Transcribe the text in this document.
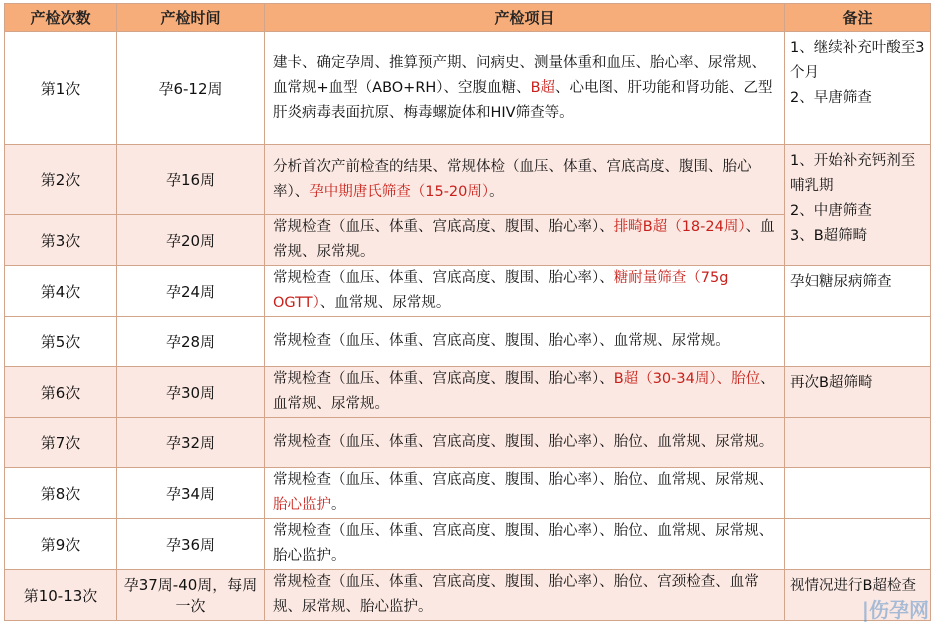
产检次数	产检时间	产检项目	备注
第1次	孕6-12周	建卡、确定孕周、推算预产期、问病史、测量体重和血压、胎心率、尿常规、血常规+血型（ABO+RH）、空腹血糖、B超、心电图、肝功能和肾功能、乙型肝炎病毒表面抗原、梅毒螺旋体和HIV筛查等。	1、继续补充叶酸至3个月
2、早唐筛查
第2次	孕16周	分析首次产前检查的结果、常规体检（血压、体重、宫底高度、腹围、胎心率）、孕中期唐氏筛查（15-20周）。	1、开始补充钙剂至哺乳期
2、中唐筛查
3、B超筛畸
第3次	孕20周	常规检查（血压、体重、宫底高度、腹围、胎心率）、排畸B超（18-24周）、血常规、尿常规。	
第4次	孕24周	常规检查（血压、体重、宫底高度、腹围、胎心率）、糖耐量筛查（75g OGTT）、血常规、尿常规。	孕妇糖尿病筛查
第5次	孕28周	常规检查（血压、体重、宫底高度、腹围、胎心率）、血常规、尿常规。	
第6次	孕30周	常规检查（血压、体重、宫底高度、腹围、胎心率）、B超（30-34周）、胎位、血常规、尿常规。	再次B超筛畸
第7次	孕32周	常规检查（血压、体重、宫底高度、腹围、胎心率）、胎位、血常规、尿常规。	
第8次	孕34周	常规检查（血压、体重、宫底高度、腹围、胎心率）、胎位、血常规、尿常规、胎心监护。	
第9次	孕36周	常规检查（血压、体重、宫底高度、腹围、胎心率）、胎位、血常规、尿常规、胎心监护。	
第10-13次	孕37周-40周，每周一次	常规检查（血压、体重、宫底高度、腹围、胎心率）、胎位、宫颈检查、血常规、尿常规、胎心监护。	视情况进行B超检查
|伤孕网
